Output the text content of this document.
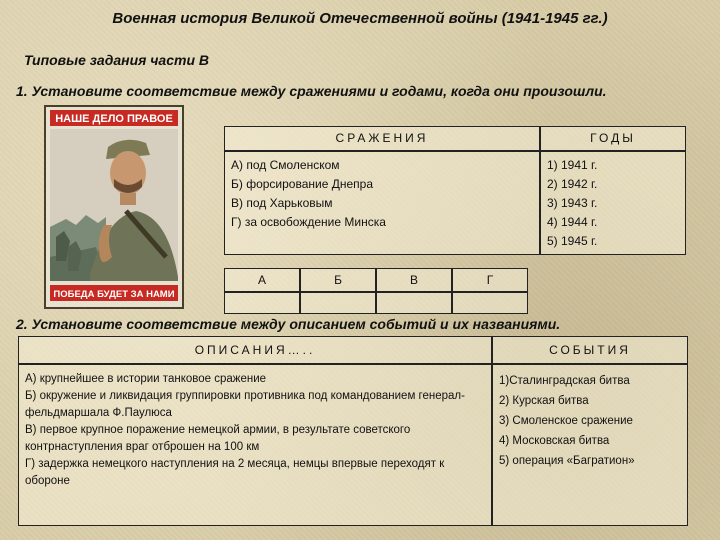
Военная история Великой Отечественной войны (1941-1945 гг.)
Типовые задания части В
1. Установите соответствие между сражениями и годами, когда они произошли.
НАШЕ ДЕЛО ПРАВОЕ
ПОБЕДА БУДЕТ ЗА НАМИ
СРАЖЕНИЯ	ГОДЫ
А) под Смоленском
Б) форсирование Днепра
В) под Харьковым
Г) за освобождение Минска
1) 1941 г.
2) 1942 г.
3) 1943 г.
4) 1944 г.
5) 1945 г.
А	Б	В	Г
2. Установите соответствие между описанием событий и их названиями.
ОПИСАНИЯ…..	СОБЫТИЯ
А) крупнейшее в истории танковое сражение
Б) окружение и ликвидация группировки противника под командованием генерал-фельдмаршала Ф.Паулюса
В) первое крупное поражение немецкой армии, в результате советского контрнаступления враг отброшен на 100 км
Г) задержка немецкого наступления на 2 месяца, немцы впервые переходят к обороне
1)Сталинградская битва
2) Курская битва
3) Смоленское сражение
4) Московская битва
5) операция «Багратион»
